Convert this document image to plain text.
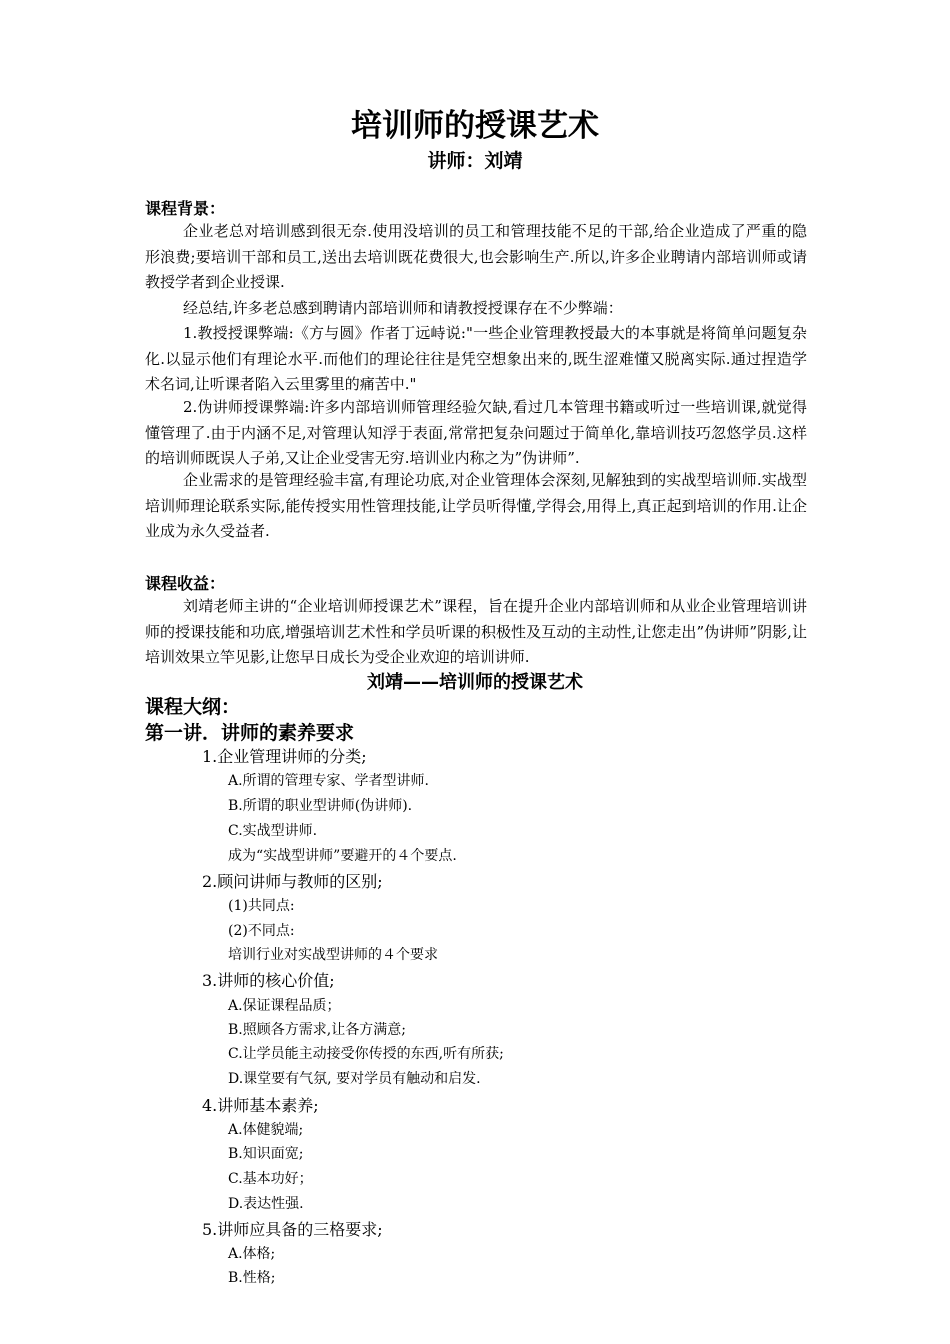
培训师的授课艺术
讲师：刘靖
课程背景：

企业老总对培训感到很无奈.使用没培训的员工和管理技能不足的干部,给企业造成了严重的隐形浪费;要培训干部和员工,送出去培训既花费很大,也会影响生产.所以,许多企业聘请内部培训师或请教授学者到企业授课.

经总结,许多老总感到聘请内部培训师和请教授授课存在不少弊端：

1.教授授课弊端:《方与圆》作者丁远峙说:"一些企业管理教授最大的本事就是将简单问题复杂化.以显示他们有理论水平.而他们的理论往往是凭空想象出来的,既生涩难懂又脱离实际.通过捏造学术名词,让听课者陷入云里雾里的痛苦中."

2.伪讲师授课弊端:许多内部培训师管理经验欠缺,看过几本管理书籍或听过一些培训课,就觉得懂管理了.由于内涵不足,对管理认知浮于表面,常常把复杂问题过于简单化,靠培训技巧忽悠学员.这样的培训师既误人子弟,又让企业受害无穷.培训业内称之为”伪讲师”.

企业需求的是管理经验丰富,有理论功底,对企业管理体会深刻,见解独到的实战型培训师.实战型培训师理论联系实际,能传授实用性管理技能,让学员听得懂,学得会,用得上,真正起到培训的作用.让企业成为永久受益者.

课程收益：

刘靖老师主讲的“企业培训师授课艺术”课程，旨在提升企业内部培训师和从业企业管理培训讲师的授课技能和功底,增强培训艺术性和学员听课的积极性及互动的主动性,让您走出”伪讲师”阴影,让培训效果立竿见影,让您早日成长为受企业欢迎的培训讲师.

刘靖——培训师的授课艺术
课程大纲：
第一讲．讲师的素养要求
1.企业管理讲师的分类;
A.所谓的管理专家、学者型讲师.
B.所谓的职业型讲师(伪讲师).
C.实战型讲师.
成为“实战型讲师”要避开的４个要点.
2.顾问讲师与教师的区别;
(1)共同点:
(2)不同点:
培训行业对实战型讲师的４个要求
3.讲师的核心价值;
A.保证课程品质；
B.照顾各方需求,让各方满意;
C.让学员能主动接受你传授的东西,听有所获;
D.课堂要有气氛, 要对学员有触动和启发.
4.讲师基本素养;
A.体健貌端;
B.知识面宽;
C.基本功好；
D.表达性强.
5.讲师应具备的三格要求;
A.体格;
B.性格;
